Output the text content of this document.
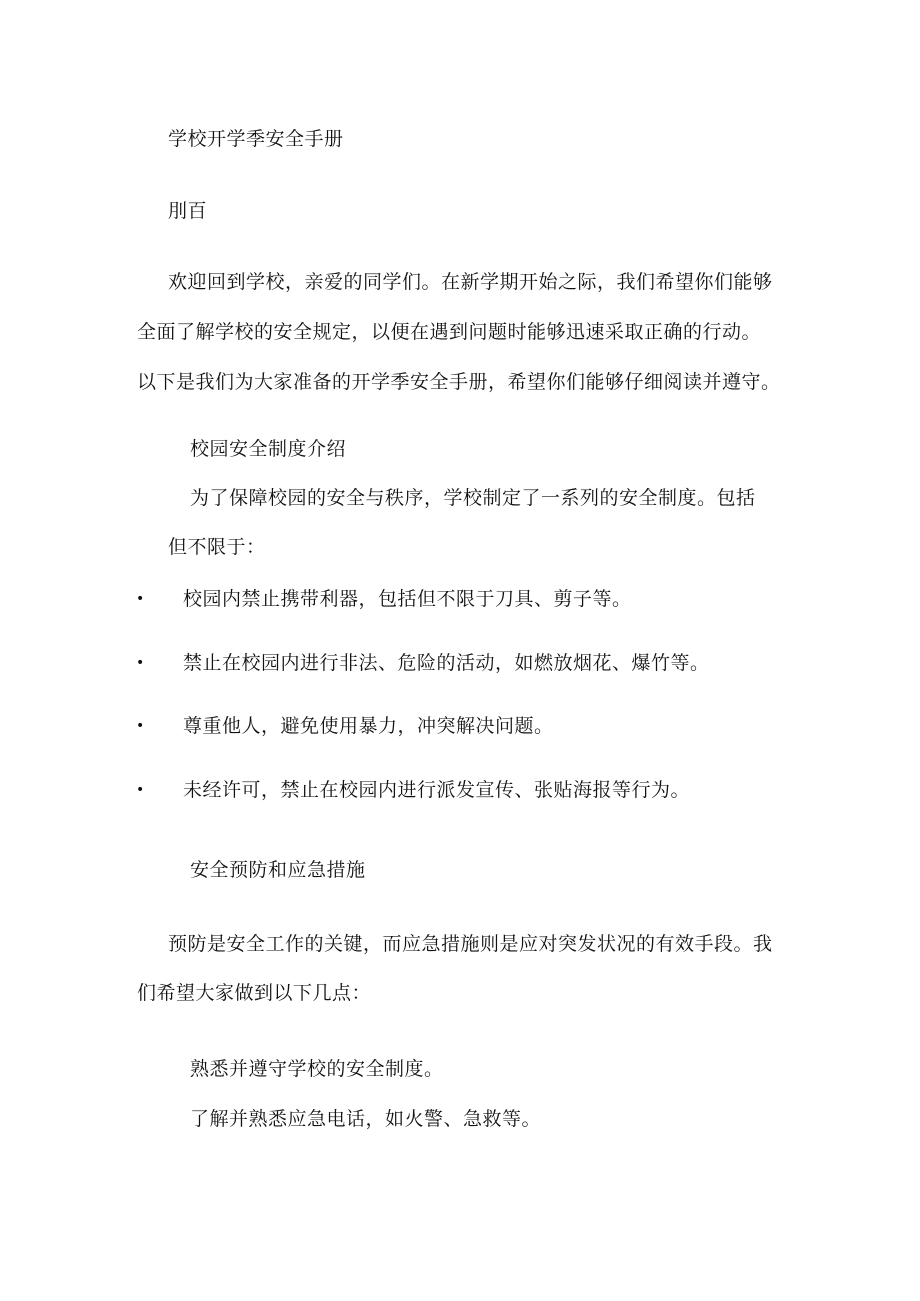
学校开学季安全手册
刖百
欢迎回到学校，亲爱的同学们。在新学期开始之际，我们希望你们能够
全面了解学校的安全规定，以便在遇到问题时能够迅速采取正确的行动。
以下是我们为大家准备的开学季安全手册，希望你们能够仔细阅读并遵守。
校园安全制度介绍
为了保障校园的安全与秩序，学校制定了一系列的安全制度。包括
但不限于：
• 校园内禁止携带利器，包括但不限于刀具、剪子等。
• 禁止在校园内进行非法、危险的活动，如燃放烟花、爆竹等。
• 尊重他人，避免使用暴力，冲突解决问题。
• 未经许可，禁止在校园内进行派发宣传、张贴海报等行为。
安全预防和应急措施
预防是安全工作的关键，而应急措施则是应对突发状况的有效手段。我
们希望大家做到以下几点：
熟悉并遵守学校的安全制度。
了解并熟悉应急电话，如火警、急救等。
